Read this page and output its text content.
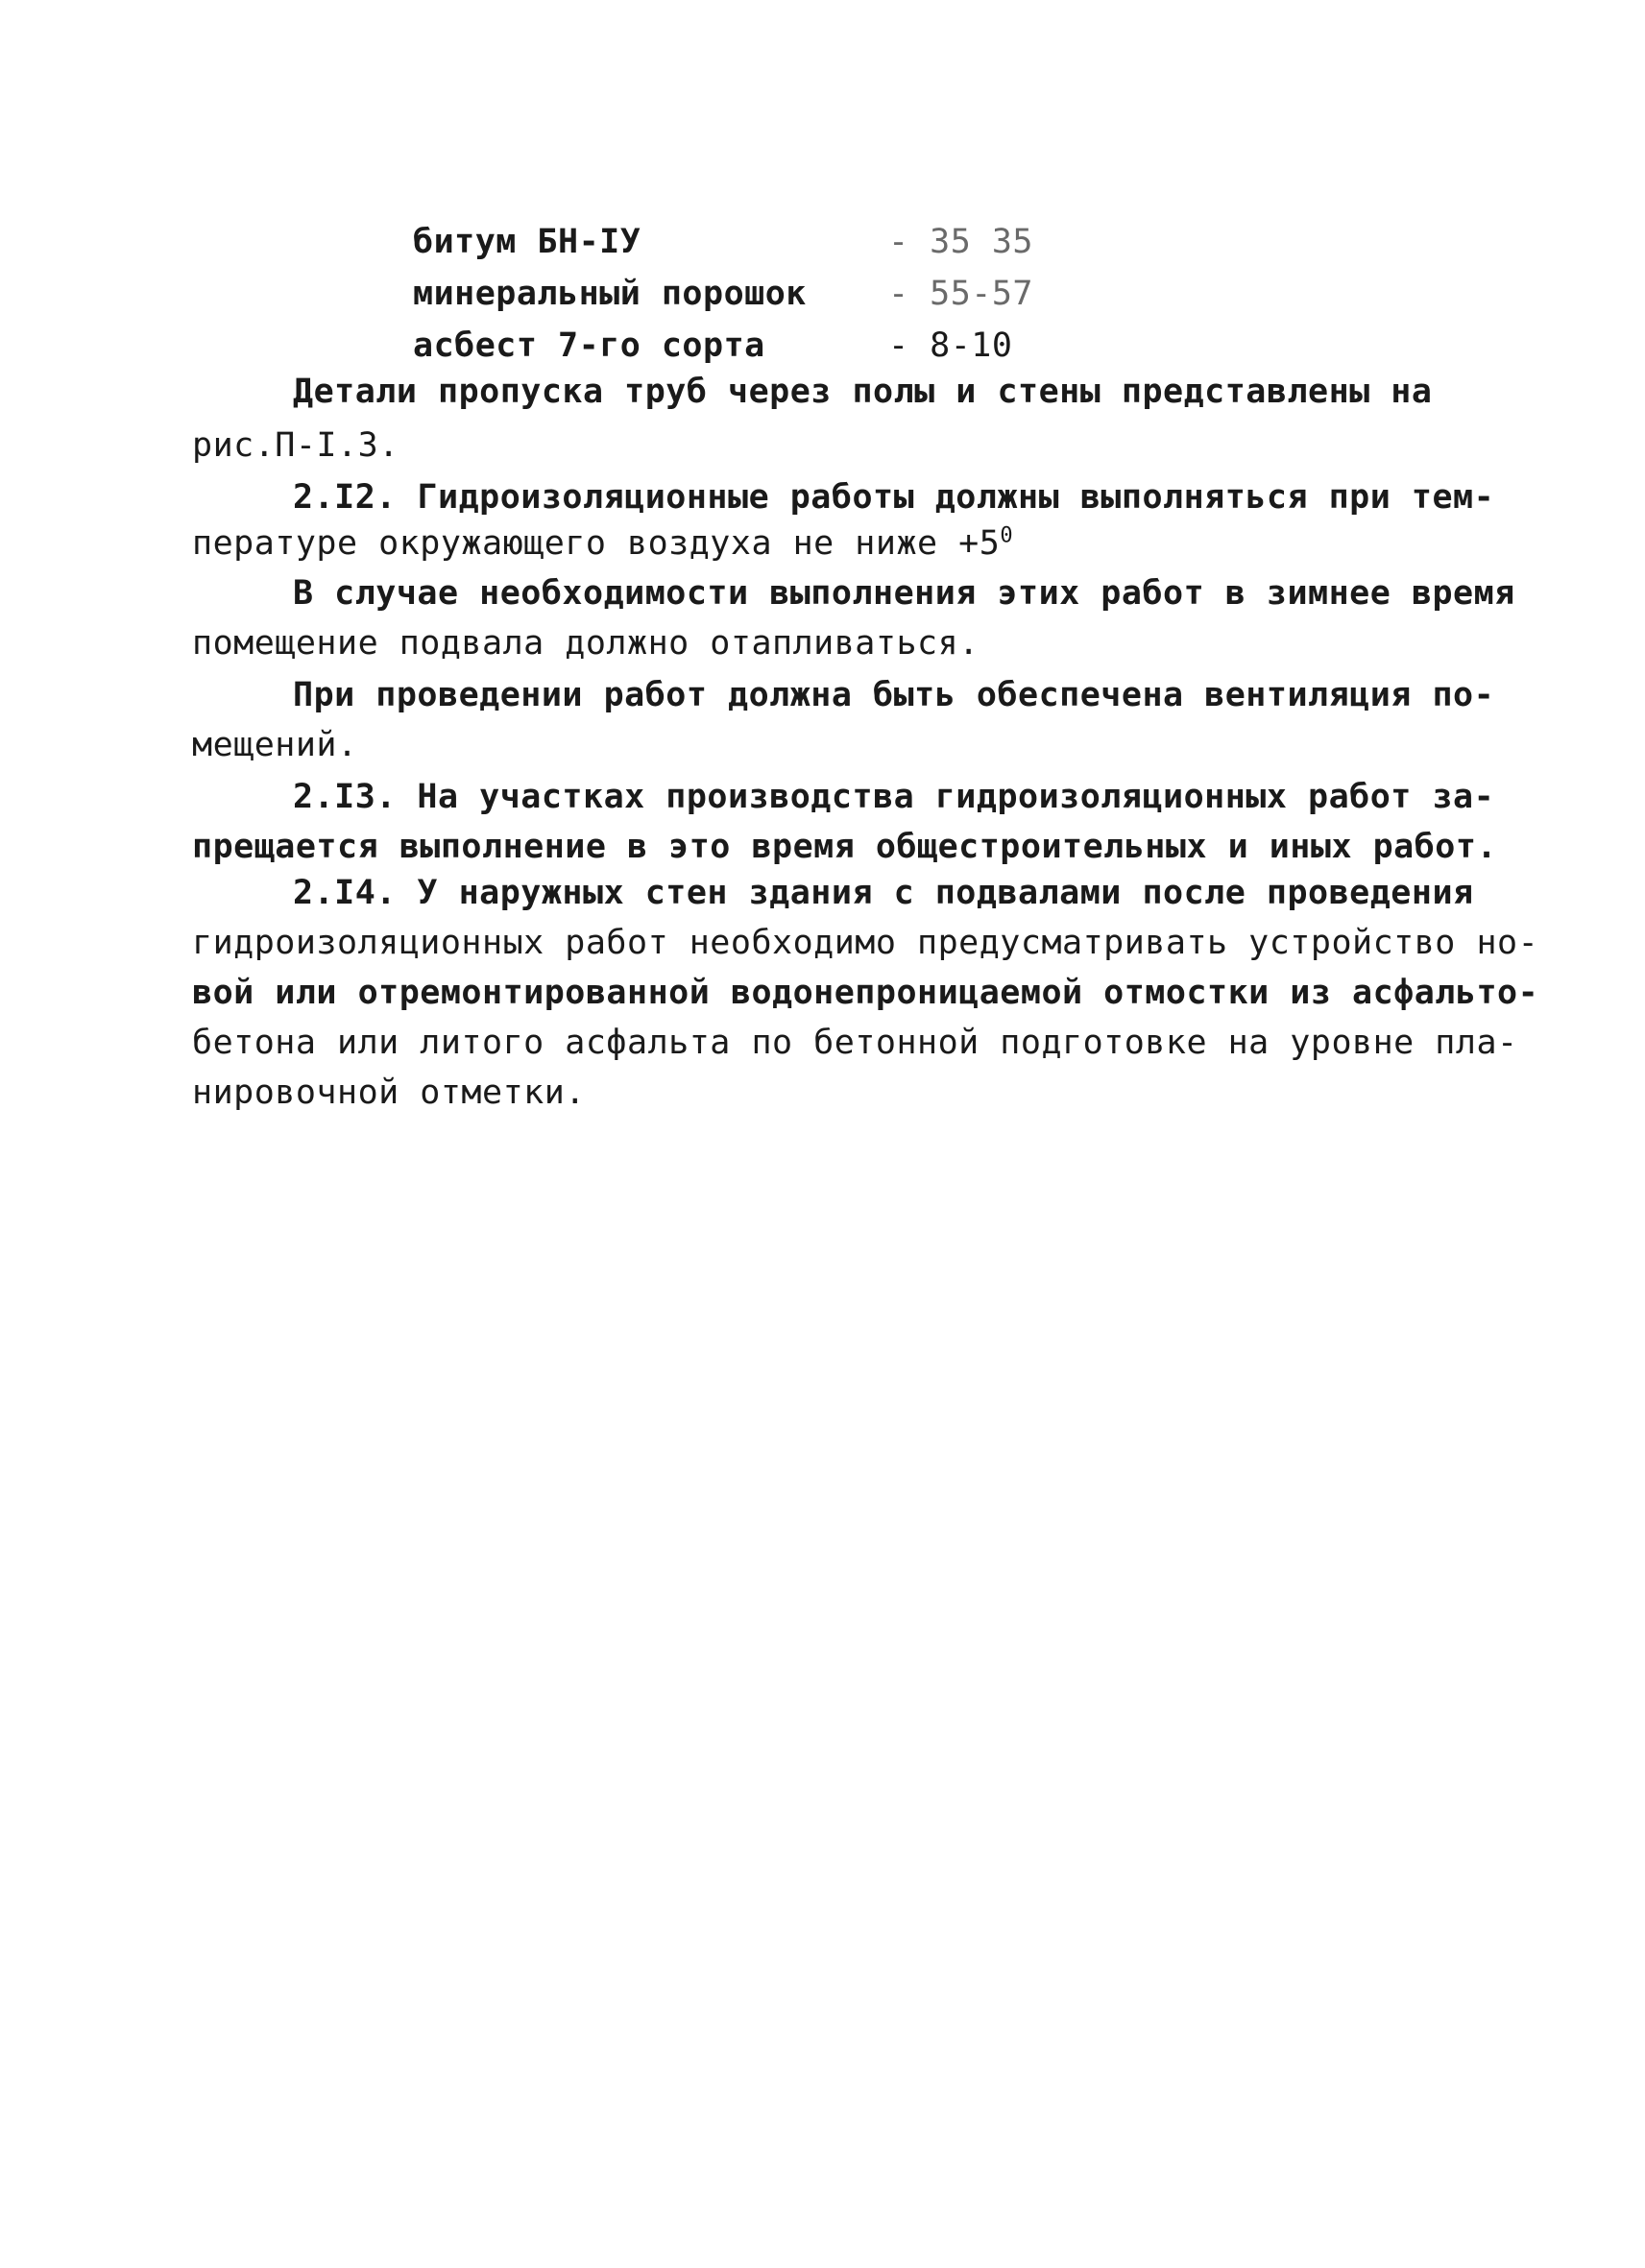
битум БН-IУ	- 35 35
минеральный порошок - 55-57
асбест 7-го сорта	- 8-10
Детали пропуска труб через полы и стены представлены на
рис.П-I.3.
2.I2. Гидроизоляционные работы должны выполняться при тем-
пературе окружающего воздуха не ниже $+5^0$
В случае необходимости выполнения этих работ в зимнее время
помещение подвала должно отапливаться.
При проведении работ должна быть обеспечена вентиляция по-
мещений.
2.I3. На участках производства гидроизоляционных работ за-
прещается выполнение в это время общестроительных и иных работ.
2.I4. У наружных стен здания с подвалами после проведения
гидроизоляционных работ необходимо предусматривать устройство но-
вой или отремонтированной водонепроницаемой отмостки из асфальто-
бетона или литого асфальта по бетонной подготовке на уровне пла-
нировочной отметки.
